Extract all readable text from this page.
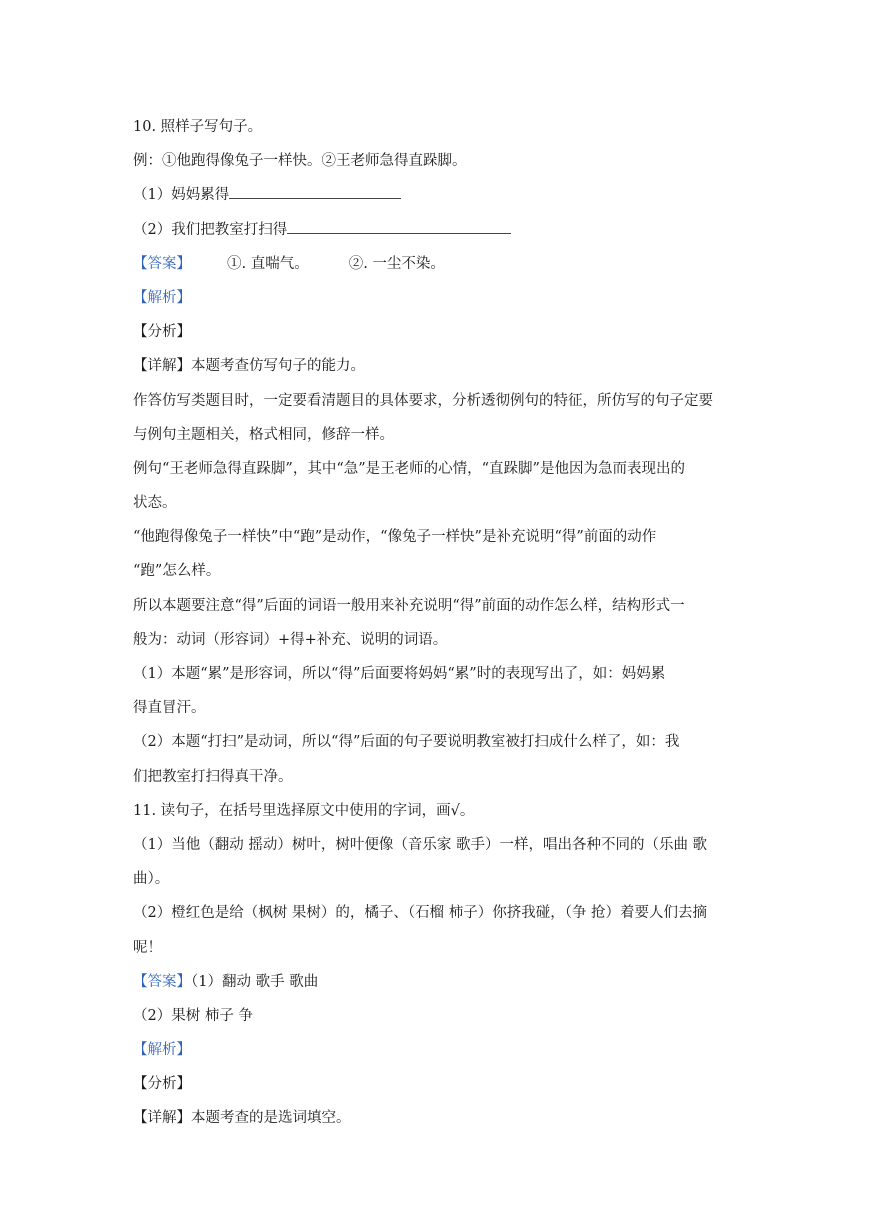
10. 照样子写句子。
例：①他跑得像兔子一样快。②王老师急得直跺脚。
（1）妈妈累得
（2）我们把教室打扫得
【答案】 ①. 直喘气。	②. 一尘不染。
【解析】
【分析】
【详解】本题考查仿写句子的能力。
作答仿写类题目时，一定要看清题目的具体要求，分析透彻例句的特征，所仿写的句子定要
与例句主题相关，格式相同，修辞一样。
例句“王老师急得直跺脚”，其中“急”是王老师的心情，“直跺脚”是他因为急而表现出的
状态。
“他跑得像兔子一样快”中“跑”是动作，“像兔子一样快”是补充说明“得”前面的动作
“跑”怎么样。
所以本题要注意“得”后面的词语一般用来补充说明“得”前面的动作怎么样，结构形式一
般为：动词（形容词）+得+补充、说明的词语。
（1）本题“累”是形容词，所以“得”后面要将妈妈“累”时的表现写出了，如：妈妈累
得直冒汗。
（2）本题“打扫”是动词，所以“得”后面的句子要说明教室被打扫成什么样了，如：我
们把教室打扫得真干净。
11. 读句子，在括号里选择原文中使用的字词，画√。
（1）当他（翻动 摇动）树叶，树叶便像（音乐家 歌手）一样，唱出各种不同的（乐曲 歌
曲）。
（2）橙红色是给（枫树 果树）的，橘子、（石榴 柿子）你挤我碰，（争 抢）着要人们去摘
呢！
【答案】（1）翻动 歌手 歌曲
（2）果树 柿子 争
【解析】
【分析】
【详解】本题考查的是选词填空。
